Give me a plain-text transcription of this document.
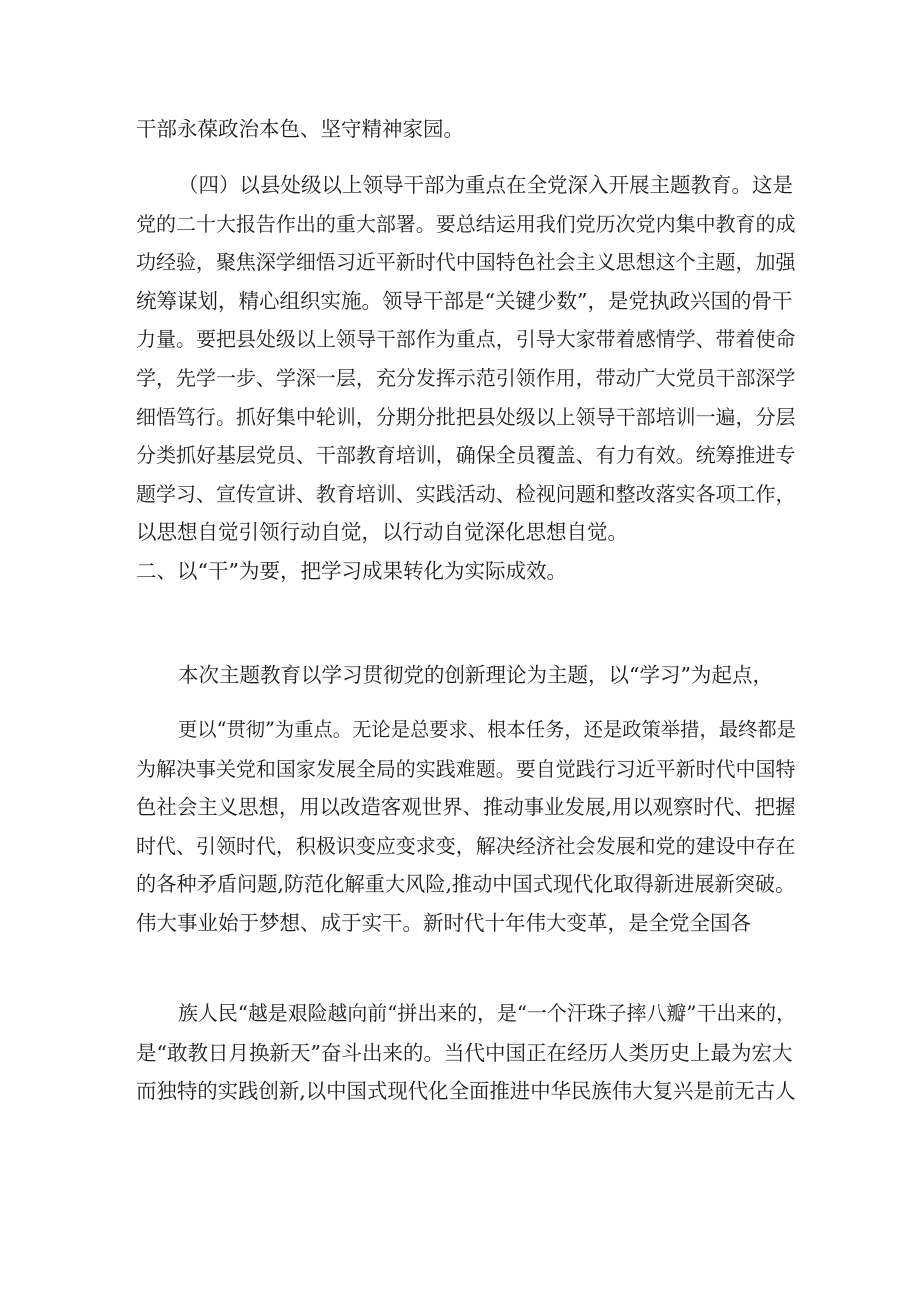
干部永葆政治本色、坚守精神家园。
（四）以县处级以上领导干部为重点在全党深入开展主题教育。这是
党的二十大报告作出的重大部署。要总结运用我们党历次党内集中教育的成
功经验，聚焦深学细悟习近平新时代中国特色社会主义思想这个主题，加强
统筹谋划，精心组织实施。领导干部是“关键少数”，是党执政兴国的骨干
力量。要把县处级以上领导干部作为重点，引导大家带着感情学、带着使命
学，先学一步、学深一层，充分发挥示范引领作用，带动广大党员干部深学
细悟笃行。抓好集中轮训，分期分批把县处级以上领导干部培训一遍，分层
分类抓好基层党员、干部教育培训，确保全员覆盖、有力有效。统筹推进专
题学习、宣传宣讲、教育培训、实践活动、检视问题和整改落实各项工作，
以思想自觉引领行动自觉，以行动自觉深化思想自觉。
二、以“干”为要，把学习成果转化为实际成效。
本次主题教育以学习贯彻党的创新理论为主题，以“学习”为起点，
更以“贯彻”为重点。无论是总要求、根本任务，还是政策举措，最终都是
为解决事关党和国家发展全局的实践难题。要自觉践行习近平新时代中国特
色社会主义思想，用以改造客观世界、推动事业发展,用以观察时代、把握
时代、引领时代，积极识变应变求变，解决经济社会发展和党的建设中存在
的各种矛盾问题,防范化解重大风险,推动中国式现代化取得新进展新突破。
伟大事业始于梦想、成于实干。新时代十年伟大变革，是全党全国各
族人民“越是艰险越向前“拼出来的，是“一个汗珠子摔八瓣”干出来的，
是“敢教日月换新天”奋斗出来的。当代中国正在经历人类历史上最为宏大
而独特的实践创新,以中国式现代化全面推进中华民族伟大复兴是前无古人
